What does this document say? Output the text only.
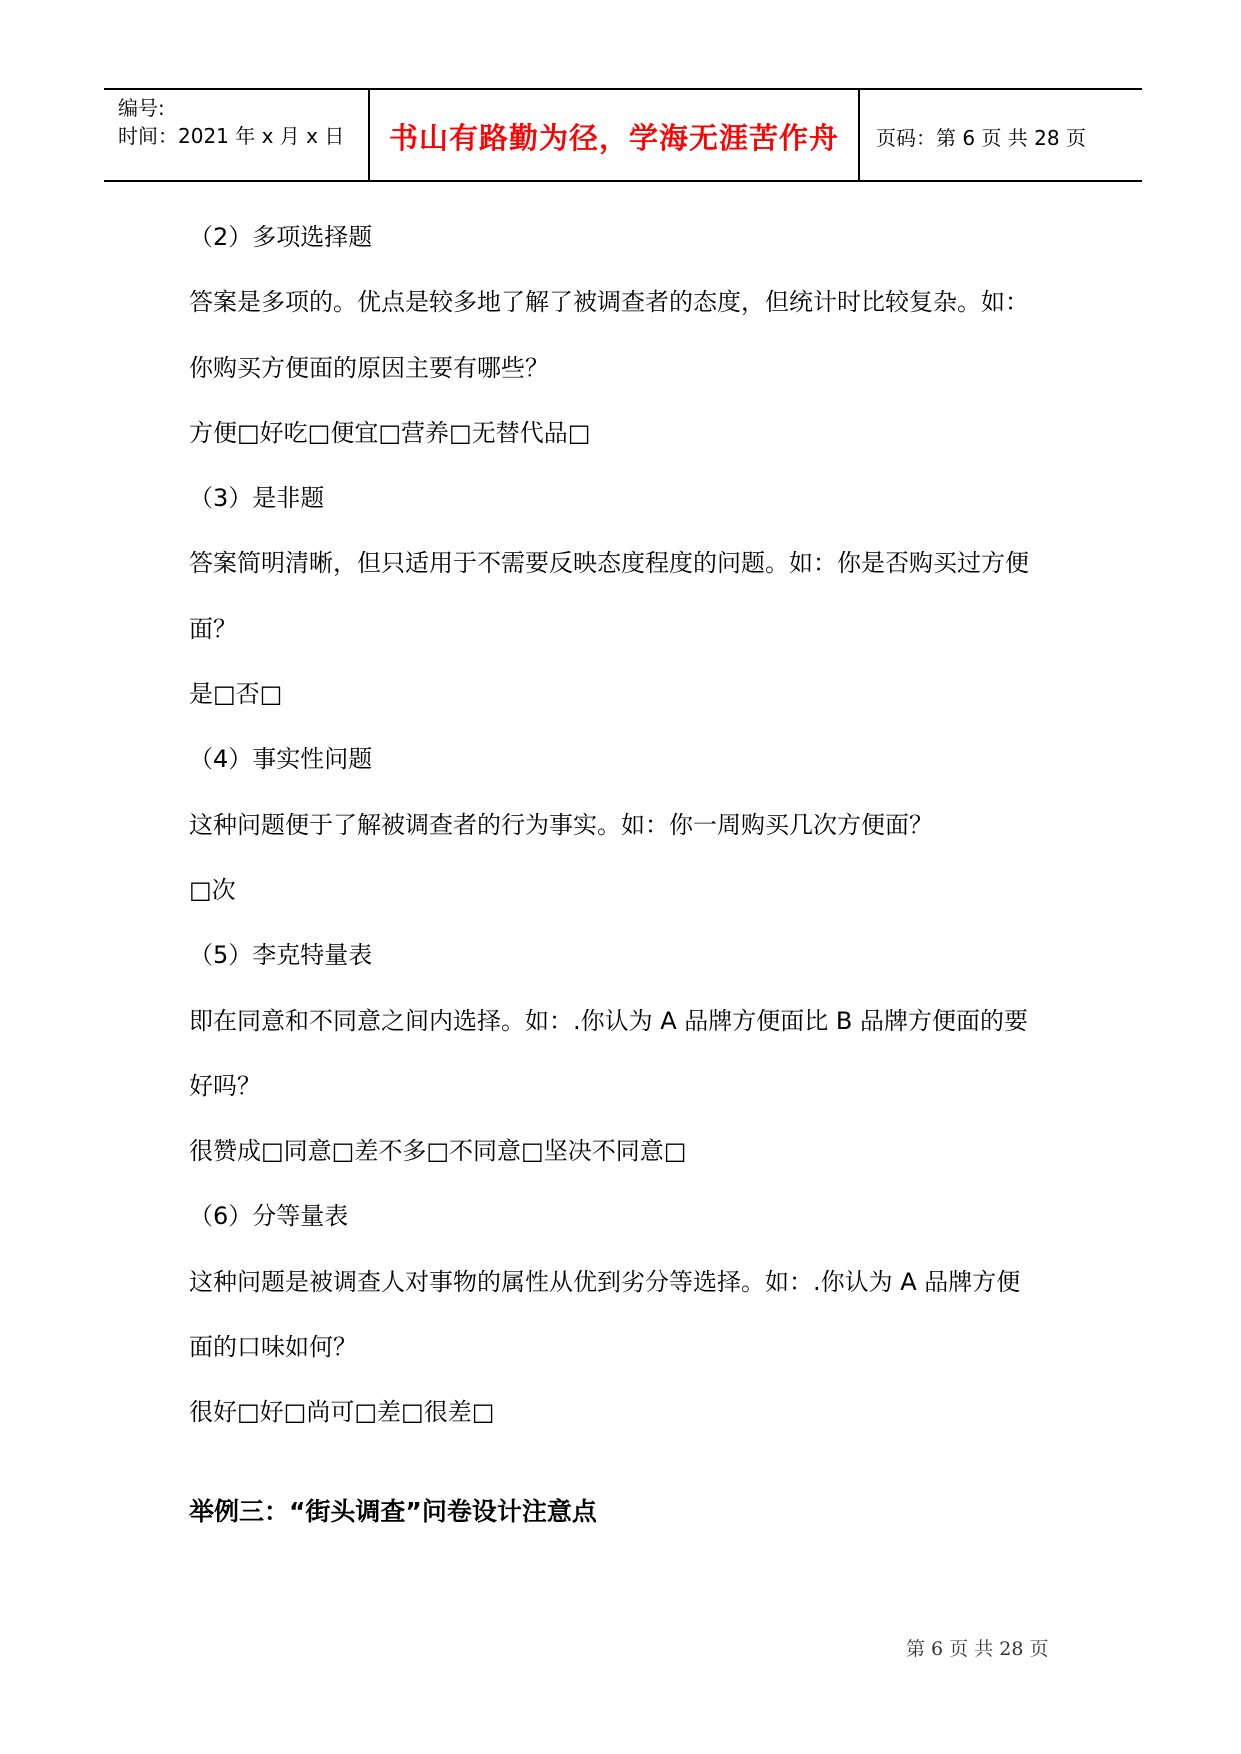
编号:
时间：2021 年 x 月 x 日	书山有路勤为径，学海无涯苦作舟	页码：第 6 页 共 28 页
（2）多项选择题
答案是多项的。优点是较多地了解了被调查者的态度，但统计时比较复杂。如：
你购买方便面的原因主要有哪些？
方便□好吃□便宜□营养□无替代品□
（3）是非题
答案简明清晰，但只适用于不需要反映态度程度的问题。如：你是否购买过方便
面？
是□否□
（4）事实性问题
这种问题便于了解被调查者的行为事实。如：你一周购买几次方便面？
□次
（5）李克特量表
即在同意和不同意之间内选择。如：.你认为 A 品牌方便面比 B 品牌方便面的要
好吗？
很赞成□同意□差不多□不同意□坚决不同意□
（6）分等量表
这种问题是被调查人对事物的属性从优到劣分等选择。如：.你认为 A 品牌方便
面的口味如何？
很好□好□尚可□差□很差□
举例三：“街头调查”问卷设计注意点
第 6 页 共 28 页
